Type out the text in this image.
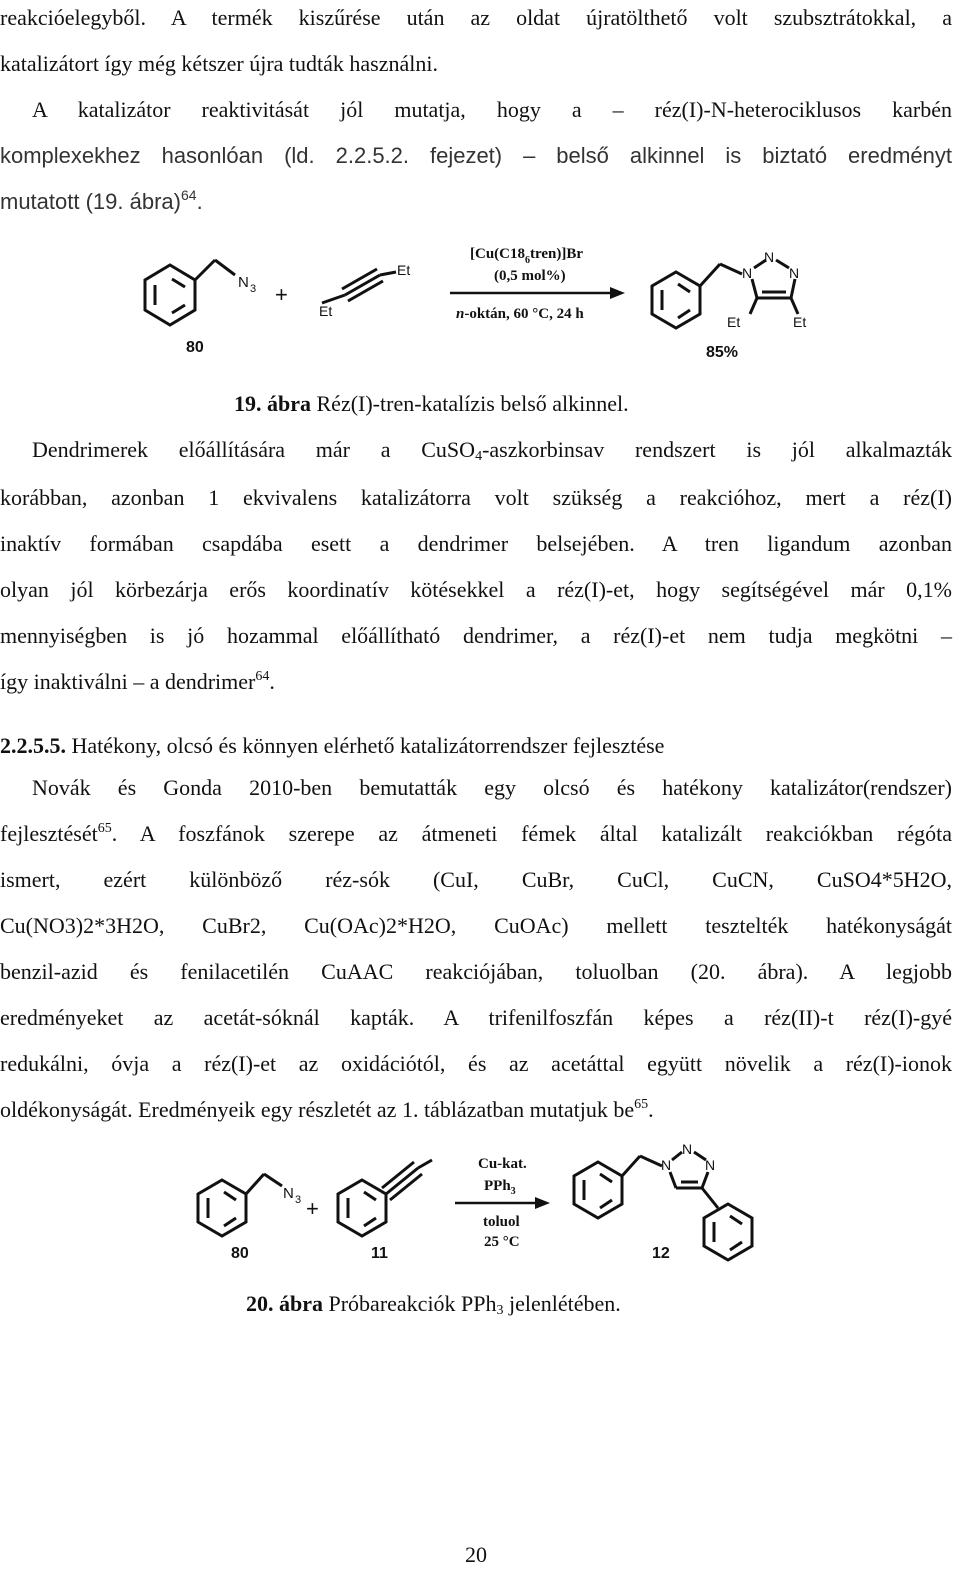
reakcióelegyből. A termék kiszűrése után az oldat újratölthető volt szubsztrátokkal, a
katalizátort így még kétszer újra tudták használni.
A katalizátor reaktivitását jól mutatja, hogy a – réz(I)-N-heterociklusos karbén
komplexekhez hasonlóan (ld. 2.2.5.2. fejezet) – belső alkinnel is biztató eredményt
mutatott (19. ábra)$^{64}$.
N 3
80
+
Et
Et
$[Cu(C18_6tren)]Br$
(0,5 mol%)
n-oktán, 60 °C, 24 h
N
N
N
Et	Et
85%
19. ábra Réz(I)-tren-katalízis belső alkinnel.
Dendrimerek előállítására már a CuSO$_4$-aszkorbinsav rendszert is jól alkalmazták
korábban, azonban 1 ekvivalens katalizátorra volt szükség a reakcióhoz, mert a réz(I)
inaktív formában csapdába esett a dendrimer belsejében. A tren ligandum azonban
olyan jól körbezárja erős koordinatív kötésekkel a réz(I)-et, hogy segítségével már 0,1%
mennyiségben is jó hozammal előállítható dendrimer, a réz(I)-et nem tudja megkötni –
így inaktiválni – a dendrimer$^{64}$.
2.2.5.5. Hatékony, olcsó és könnyen elérhető katalizátorrendszer fejlesztése
Novák és Gonda 2010-ben bemutatták egy olcsó és hatékony katalizátor(rendszer)
fejlesztését$^{65}$. A foszfánok szerepe az átmeneti fémek által katalizált reakciókban régóta
ismert, ezért különböző réz-sók (CuI, CuBr, CuCl, CuCN, CuSO4*5H2O,
Cu(NO3)2*3H2O, CuBr2, Cu(OAc)2*H2O, CuOAc) mellett tesztelték hatékonyságát
benzil-azid és fenilacetilén CuAAC reakciójában, toluolban (20. ábra). A legjobb
eredményeket az acetát-sóknál kapták. A trifenilfoszfán képes a réz(II)-t réz(I)-gyé
redukálni, óvja a réz(I)-et az oxidációtól, és az acetáttal együtt növelik a réz(I)-ionok
oldékonyságát. Eredményeik egy részletét az 1. táblázatban mutatjuk $be^{65}$.
N 3
80
+
11
Cu-kat.
PPh$_3$
toluol
25 °C
N
N
N
12
20. ábra Próbareakciók PPh$_3$ jelenlétében.
20
